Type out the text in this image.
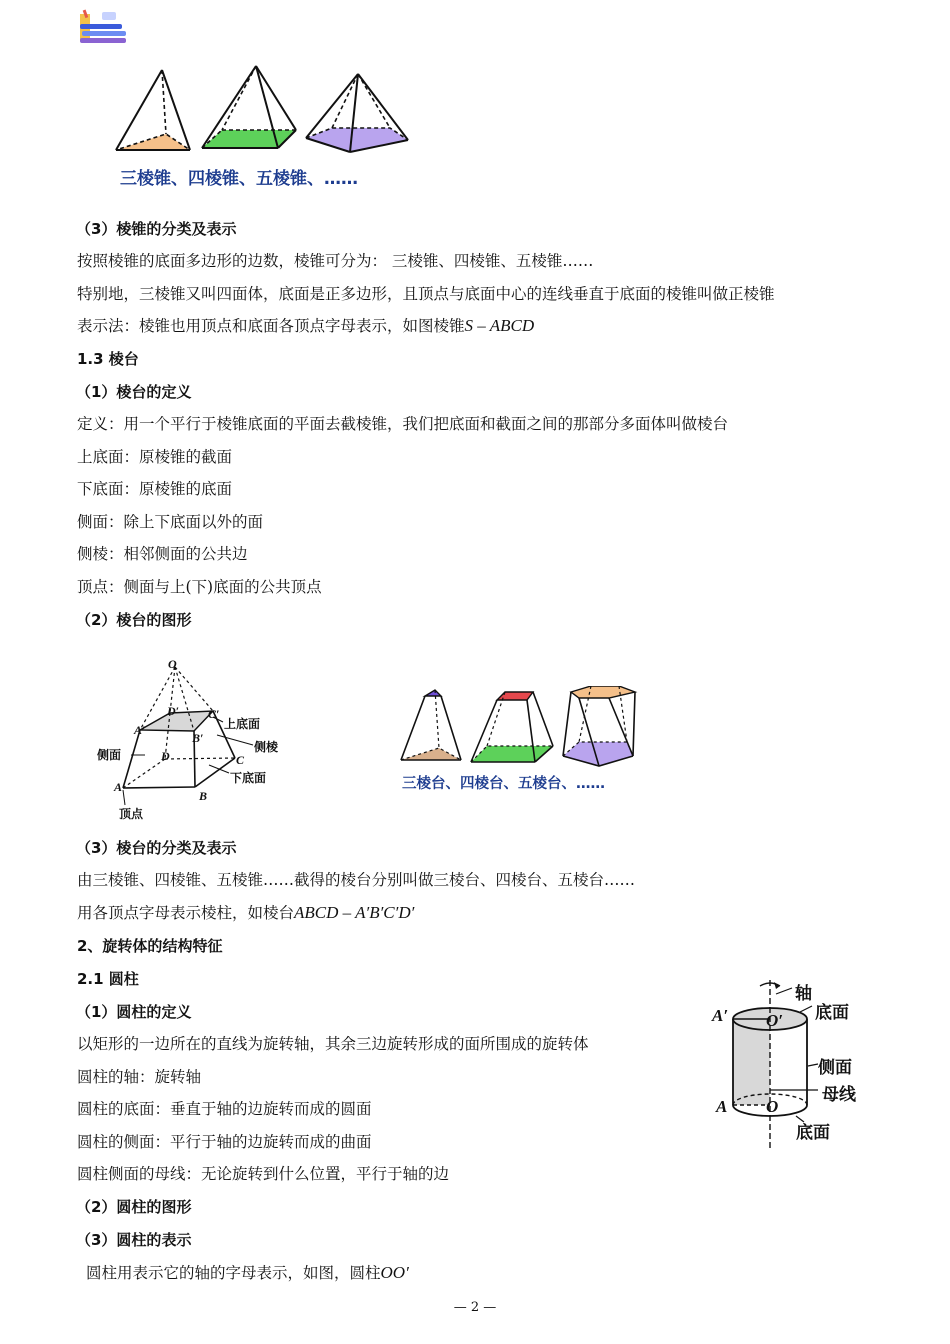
三棱锥、四棱锥、五棱锥、……
（3）棱锥的分类及表示
按照棱锥的底面多边形的边数，棱锥可分为： 三棱锥、四棱锥、五棱锥……
特别地，三棱锥又叫四面体，底面是正多边形，且顶点与底面中心的连线垂直于底面的棱锥叫做正棱锥
表示法：棱锥也用顶点和底面各顶点字母表示，如图棱锥S – ABCD
1.3 棱台
（1）棱台的定义
定义：用一个平行于棱锥底面的平面去截棱锥，我们把底面和截面之间的那部分多面体叫做棱台
上底面：原棱锥的截面
下底面：原棱锥的底面
侧面：除上下底面以外的面
侧棱：相邻侧面的公共边
顶点：侧面与上(下)底面的公共顶点
（2）棱台的图形
O
D′ C′
上底面
A′
B′
侧棱
侧面	D	C
下底面
A
B
顶点
三棱台、四棱台、五棱台、……
（3）棱台的分类及表示
由三棱锥、四棱锥、五棱锥……截得的棱台分别叫做三棱台、四棱台、五棱台……
用各顶点字母表示棱柱，如棱台ABCD – A′B′C′D′
2、旋转体的结构特征
2.1 圆柱
（1）圆柱的定义
以矩形的一边所在的直线为旋转轴，其余三边旋转形成的面所围成的旋转体
圆柱的轴：旋转轴
圆柱的底面：垂直于轴的边旋转而成的圆面
圆柱的侧面：平行于轴的边旋转而成的曲面
圆柱侧面的母线：无论旋转到什么位置，平行于轴的边
（2）圆柱的图形
（3）圆柱的表示
圆柱用表示它的轴的字母表示，如图，圆柱OO′
轴
底面
A′ O′
侧面
母线
A O
底面
— 2 —
